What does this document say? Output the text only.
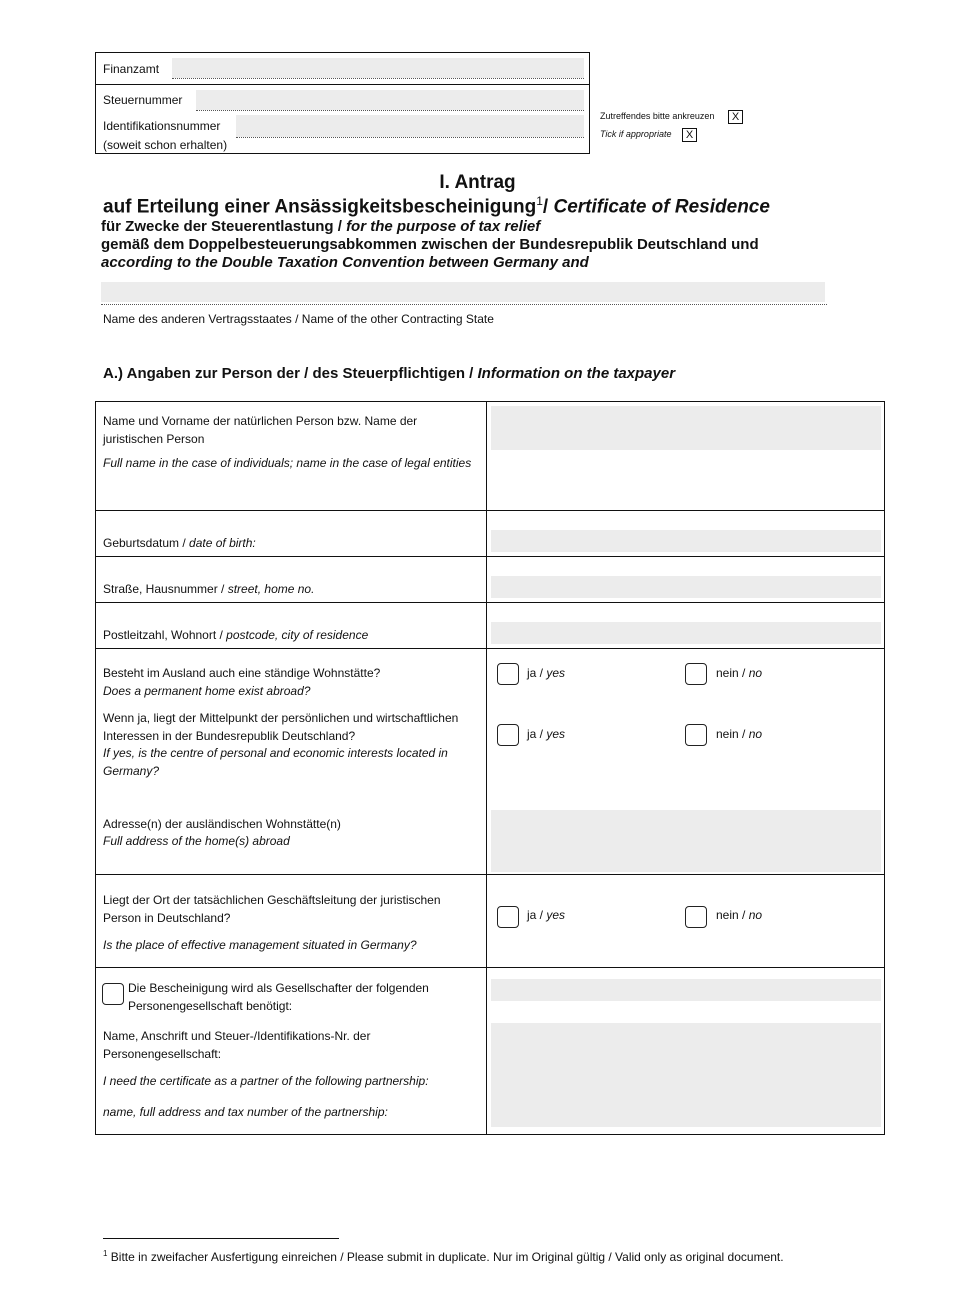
Finanzamt
Steuernummer
Identifikationsnummer
(soweit schon erhalten)
Zutreffendes bitte ankreuzen	X
Tick if appropriate	X
I. Antrag
auf Erteilung einer Ansässigkeitsbescheinigung$^1$/ Certificate of Residence
für Zwecke der Steuerentlastung / for the purpose of tax relief
gemäß dem Doppelbesteuerungsabkommen zwischen der Bundesrepublik Deutschland und
according to the Double Taxation Convention between Germany and
Name des anderen Vertragsstaates / Name of the other Contracting State
A.) Angaben zur Person der / des Steuerpflichtigen / Information on the taxpayer
Name und Vorname der natürlichen Person bzw. Name der juristischen Person
Full name in the case of individuals; name in the case of legal entities
Geburtsdatum / date of birth:
Straße, Hausnummer / street, home no.
Postleitzahl, Wohnort / postcode, city of residence
Besteht im Ausland auch eine ständige Wohnstätte?
Does a permanent home exist abroad?
ja / yes	nein / no
Wenn ja, liegt der Mittelpunkt der persönlichen und wirtschaftlichen Interessen in der Bundesrepublik Deutschland?
If yes, is the centre of personal and economic interests located in Germany?
ja / yes	nein / no
Adresse(n) der ausländischen Wohnstätte(n)
Full address of the home(s) abroad
Liegt der Ort der tatsächlichen Geschäftsleitung der juristischen Person in Deutschland?
Is the place of effective management situated in Germany?
ja / yes	nein / no
Die Bescheinigung wird als Gesellschafter der folgenden Personengesellschaft benötigt:
Name, Anschrift und Steuer-/Identifikations-Nr. der Personengesellschaft:
I need the certificate as a partner of the following partnership:
name, full address and tax number of the partnership:
$^1$ Bitte in zweifacher Ausfertigung einreichen / Please submit in duplicate. Nur im Original gültig / Valid only as original document.
